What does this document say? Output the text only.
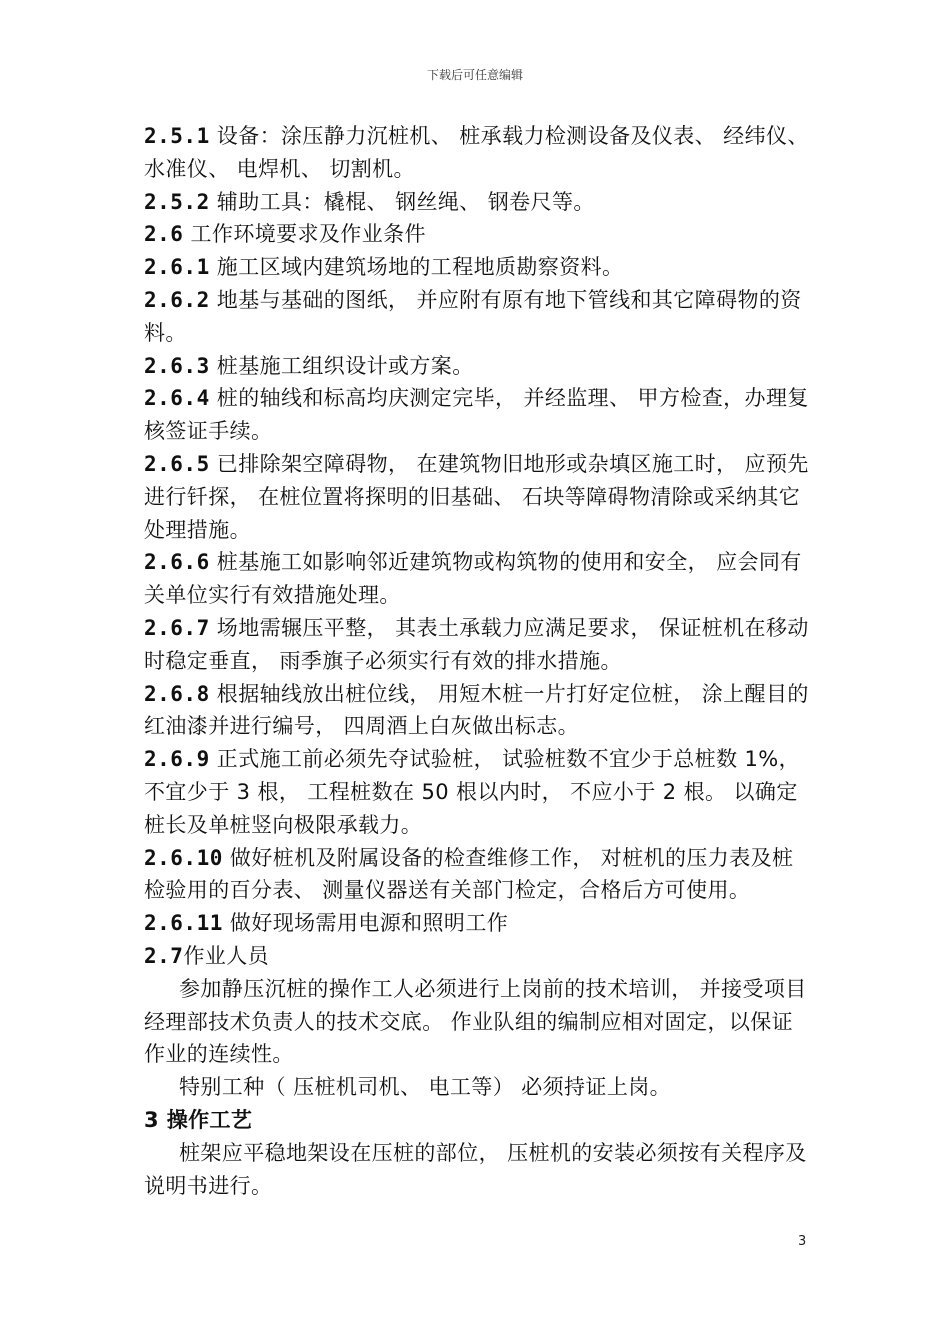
下载后可任意编辑

2.5.1 设备：涂压静力沉桩机、 桩承载力检测设备及仪表、 经纬仪、 水准仪、 电焊机、 切割机。

2.5.2 辅助工具：橇棍、 钢丝绳、 钢卷尺等。

2.6 工作环境要求及作业条件

2.6.1 施工区域内建筑场地的工程地质勘察资料。

2.6.2 地基与基础的图纸， 并应附有原有地下管线和其它障碍物的资料。

2.6.3 桩基施工组织设计或方案。

2.6.4 桩的轴线和标高均庆测定完毕， 并经监理、 甲方检查，办理复核签证手续。

2.6.5 已排除架空障碍物， 在建筑物旧地形或杂填区施工时， 应预先进行钎探， 在桩位置将探明的旧基础、 石块等障碍物清除或采纳其它处理措施。

2.6.6 桩基施工如影响邻近建筑物或构筑物的使用和安全， 应会同有关单位实行有效措施处理。

2.6.7 场地需辗压平整， 其表土承载力应满足要求， 保证桩机在移动时稳定垂直， 雨季旗子必须实行有效的排水措施。

2.6.8 根据轴线放出桩位线， 用短木桩一片打好定位桩， 涂上醒目的红油漆并进行编号， 四周酒上白灰做出标志。

2.6.9 正式施工前必须先夺试验桩， 试验桩数不宜少于总桩数 1%， 不宜少于 3 根， 工程桩数在 50 根以内时， 不应小于 2 根。 以确定桩长及单桩竖向极限承载力。

2.6.10 做好桩机及附属设备的检查维修工作， 对桩机的压力表及桩检验用的百分表、 测量仪器送有关部门检定，合格后方可使用。

2.6.11 做好现场需用电源和照明工作

2.7作业人员

参加静压沉桩的操作工人必须进行上岗前的技术培训， 并接受项目经理部技术负责人的技术交底。 作业队组的编制应相对固定，以保证作业的连续性。

特别工种（ 压桩机司机、 电工等） 必须持证上岗。

3 操作工艺

桩架应平稳地架设在压桩的部位， 压桩机的安装必须按有关程序及说明书进行。

3
